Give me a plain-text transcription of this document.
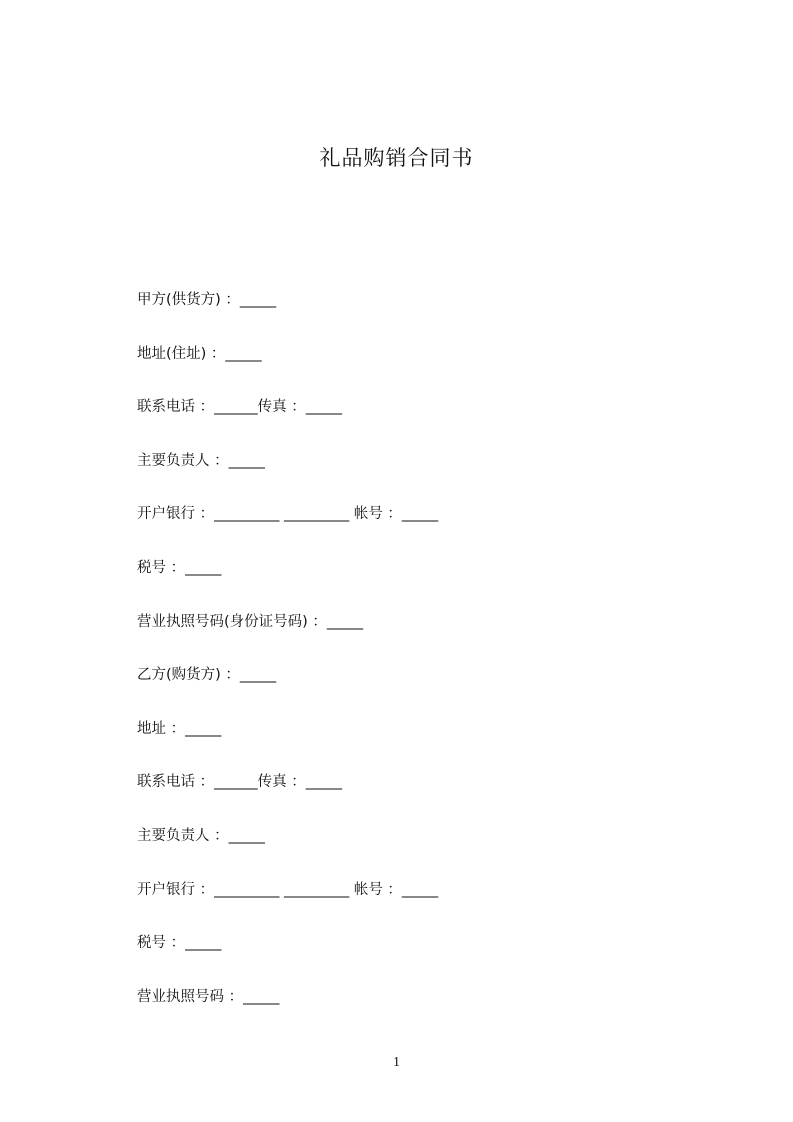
礼品购销合同书
甲方(供货方) ：_____
地址(住址) ：_____
联系电话 ：______传真 ：_____
主要负责人 ：_____
开户银行 ：_________ _________ 帐号 ：_____
税号 ：_____
营业执照号码(身份证号码) ：_____
乙方(购货方) ：_____
地址 ：_____
联系电话 ：______传真 ：_____
主要负责人 ：_____
开户银行 ：_________ _________ 帐号 ：_____
税号 ：_____
营业执照号码 ：_____
1
